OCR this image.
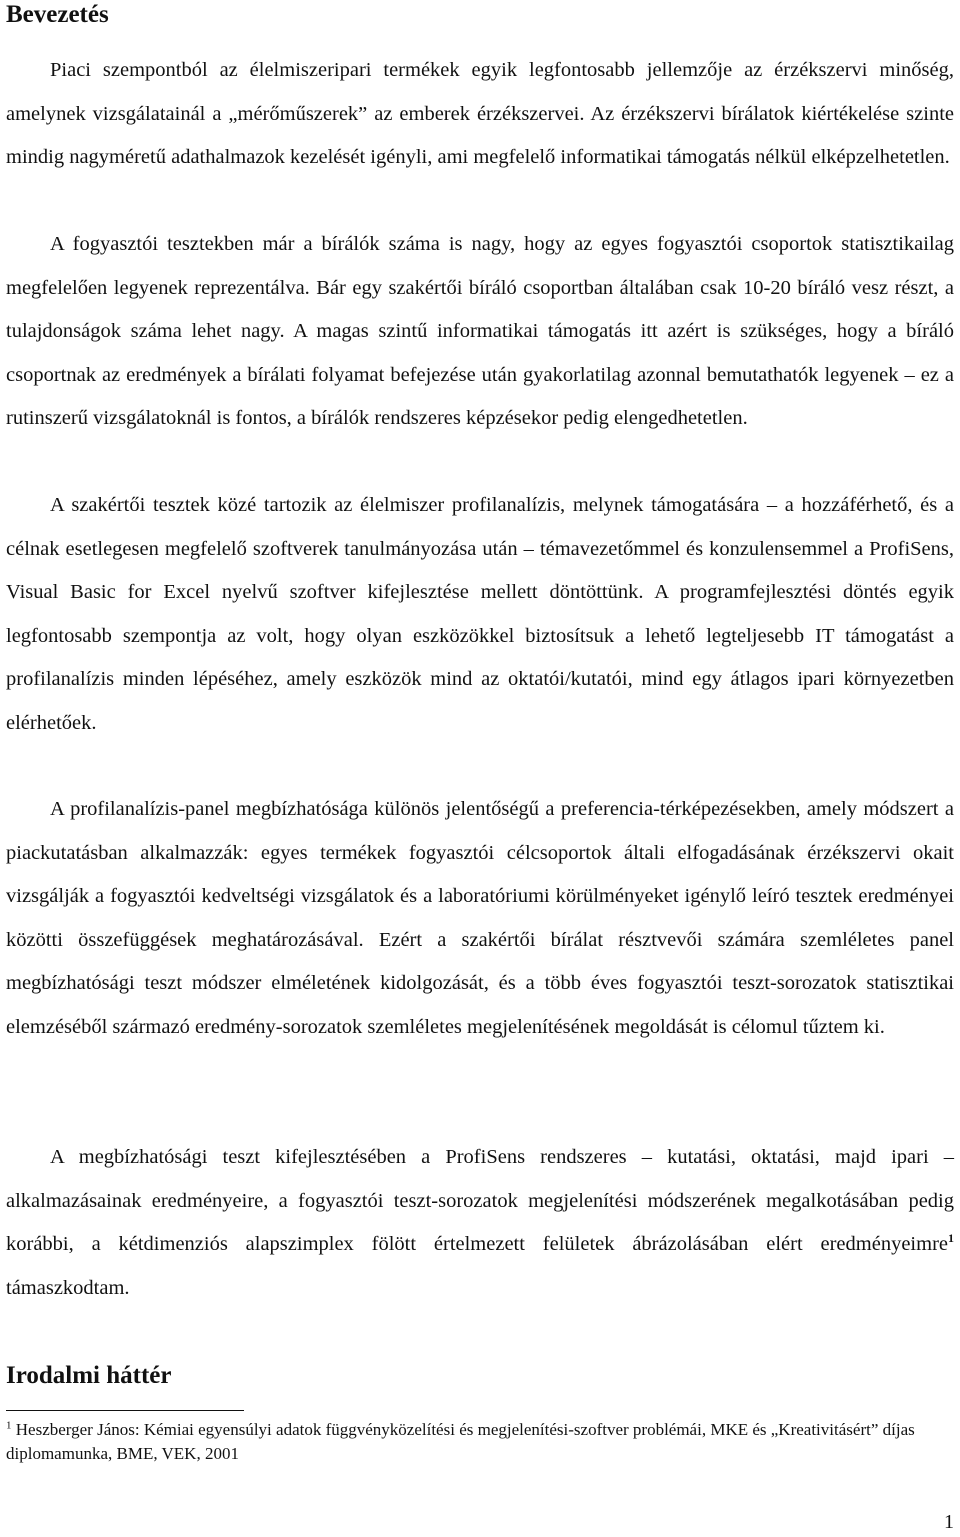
Bevezetés

Piaci szempontból az élelmiszeripari termékek egyik legfontosabb jellemzője az érzékszervi minőség, amelynek vizsgálatainál a „mérőműszerek” az emberek érzékszervei. Az érzékszervi bírálatok kiértékelése szinte mindig nagyméretű adathalmazok kezelését igényli, ami megfelelő informatikai támogatás nélkül elképzelhetetlen.

A fogyasztói tesztekben már a bírálók száma is nagy, hogy az egyes fogyasztói csoportok statisztikailag megfelelően legyenek reprezentálva. Bár egy szakértői bíráló csoportban általában csak 10-20 bíráló vesz részt, a tulajdonságok száma lehet nagy. A magas szintű informatikai támogatás itt azért is szükséges, hogy a bíráló csoportnak az eredmények a bírálati folyamat befejezése után gyakorlatilag azonnal bemutathatók legyenek – ez a rutinszerű vizsgálatoknál is fontos, a bírálók rendszeres képzésekor pedig elengedhetetlen.

A szakértői tesztek közé tartozik az élelmiszer profilanalízis, melynek támogatására – a hozzáférhető, és a célnak esetlegesen megfelelő szoftverek tanulmányozása után – témavezetőmmel és konzulensemmel a ProfiSens, Visual Basic for Excel nyelvű szoftver kifejlesztése mellett döntöttünk. A programfejlesztési döntés egyik legfontosabb szempontja az volt, hogy olyan eszközökkel biztosítsuk a lehető legteljesebb IT támogatást a profilanalízis minden lépéséhez, amely eszközök mind az oktatói/kutatói, mind egy átlagos ipari környezetben elérhetőek.

A profilanalízis-panel megbízhatósága különös jelentőségű a preferencia-térképezésekben, amely módszert a piackutatásban alkalmazzák: egyes termékek fogyasztói célcsoportok általi elfogadásának érzékszervi okait vizsgálják a fogyasztói kedveltségi vizsgálatok és a laboratóriumi körülményeket igénylő leíró tesztek eredményei közötti összefüggések meghatározásával. Ezért a szakértői bírálat résztvevői számára szemléletes panel megbízhatósági teszt módszer elméletének kidolgozását, és a több éves fogyasztói teszt-sorozatok statisztikai elemzéséből származó eredmény-sorozatok szemléletes megjelenítésének megoldását is célomul tűztem ki.

A megbízhatósági teszt kifejlesztésében a ProfiSens rendszeres – kutatási, oktatási, majd ipari – alkalmazásainak eredményeire, a fogyasztói teszt-sorozatok megjelenítési módszerének megalkotásában pedig korábbi, a kétdimenziós alapszimplex fölött értelmezett felületek ábrázolásában elért eredményeimre$^1$ támaszkodtam.

Irodalmi háttér

$^1$ Heszberger János: Kémiai egyensúlyi adatok függvényközelítési és megjelenítési-szoftver problémái, MKE és „Kreativitásért” díjas diplomamunka, BME, VEK, 2001

1
